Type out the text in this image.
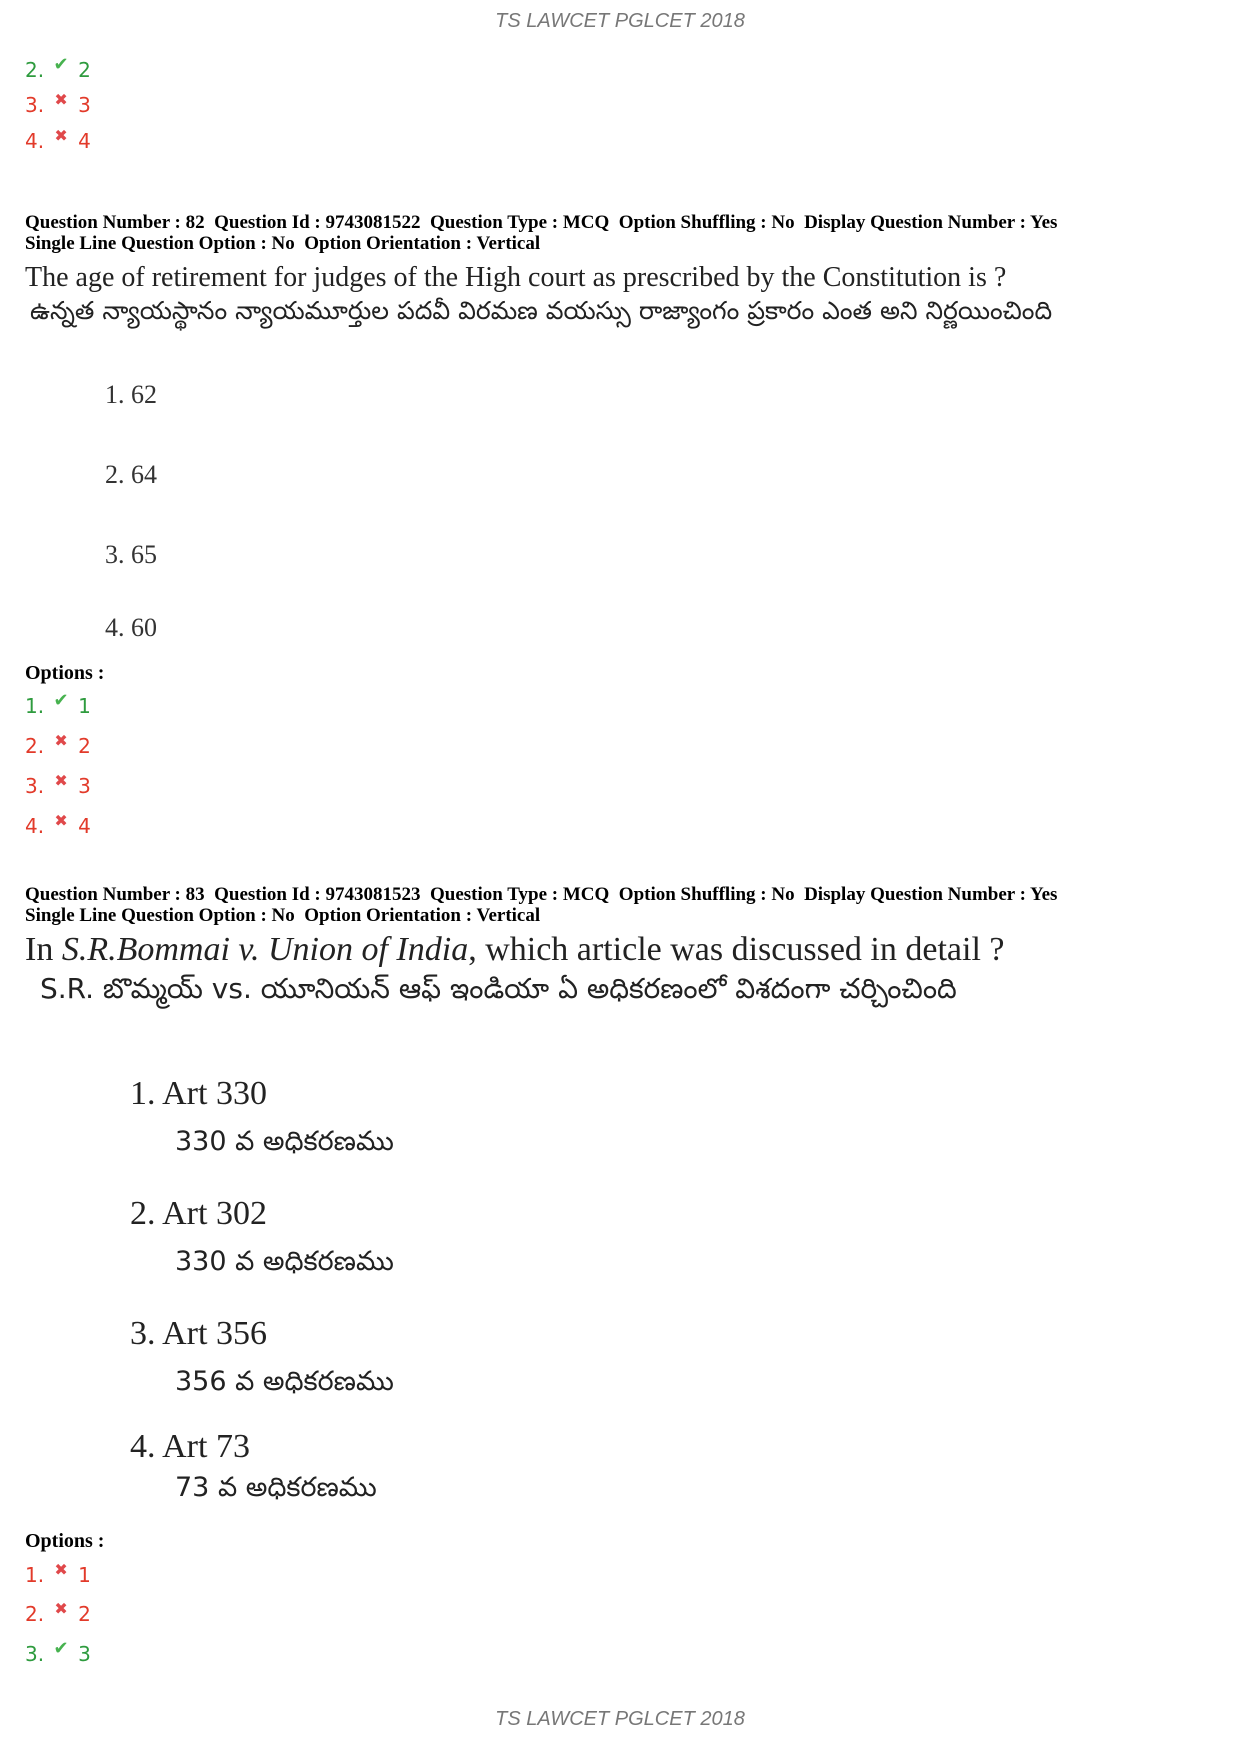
TS LAWCET PGLCET 2018
2. ✔ 2
3. ✖ 3
4. ✖ 4
Question Number : 82  Question Id : 9743081522  Question Type : MCQ  Option Shuffling : No  Display Question Number : Yes
Single Line Question Option : No  Option Orientation : Vertical
The age of retirement for judges of the High court as prescribed by the Constitution is ?
ఉన్నత న్యాయస్థానం న్యాయమూర్తుల పదవీ విరమణ వయస్సు రాజ్యాంగం ప్రకారం ఎంత అని నిర్ణయించింది
1. 62
2. 64
3. 65
4. 60
Options :
1. ✔ 1
2. ✖ 2
3. ✖ 3
4. ✖ 4
Question Number : 83  Question Id : 9743081523  Question Type : MCQ  Option Shuffling : No  Display Question Number : Yes
Single Line Question Option : No  Option Orientation : Vertical
In S.R.Bommai v. Union of India, which article was discussed in detail ?
S.R. బొమ్మయ్ vs. యూనియన్ ఆఫ్ ఇండియా ఏ అధికరణంలో విశదంగా చర్చించింది
1. Art 330
330 వ అధికరణము
2. Art 302
330 వ అధికరణము
3. Art 356
356 వ అధికరణము
4. Art 73
73 వ అధికరణము
Options :
1. ✖ 1
2. ✖ 2
3. ✔ 3
TS LAWCET PGLCET 2018
